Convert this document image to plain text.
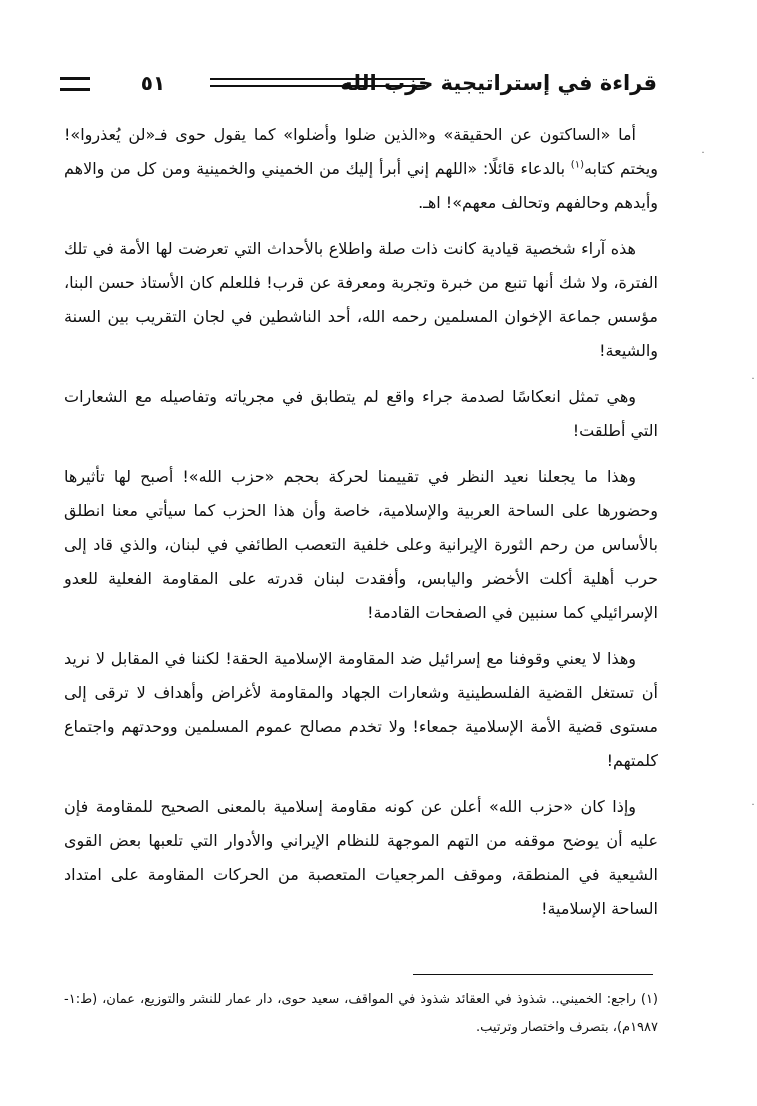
قراءة في إستراتيجية حزب الله
٥١

أما «الساكتون عن الحقيقة» و«الذين ضلوا وأضلوا» كما يقول حوى فـ«لن يُعذروا»! ويختم كتابه$^{(١)}$ بالدعاء قائلًا: «اللهم إني أبرأ إليك من الخميني والخمينية ومن كل من والاهم وأيدهم وحالفهم وتحالف معهم»! اهـ.

هذه آراء شخصية قيادية كانت ذات صلة واطلاع بالأحداث التي تعرضت لها الأمة في تلك الفترة، ولا شك أنها تنبع من خبرة وتجربة ومعرفة عن قرب! فللعلم كان الأستاذ حسن البنا، مؤسس جماعة الإخوان المسلمين رحمه الله، أحد الناشطين في لجان التقريب بين السنة والشيعة!

وهي تمثل انعكاسًا لصدمة جراء واقع لم يتطابق في مجرياته وتفاصيله مع الشعارات التي أطلقت!

وهذا ما يجعلنا نعيد النظر في تقييمنا لحركة بحجم «حزب الله»! أصبح لها تأثيرها وحضورها على الساحة العربية والإسلامية، خاصة وأن هذا الحزب كما سيأتي معنا انطلق بالأساس من رحم الثورة الإيرانية وعلى خلفية التعصب الطائفي في لبنان، والذي قاد إلى حرب أهلية أكلت الأخضر واليابس، وأفقدت لبنان قدرته على المقاومة الفعلية للعدو الإسرائيلي كما سنبين في الصفحات القادمة!

وهذا لا يعني وقوفنا مع إسرائيل ضد المقاومة الإسلامية الحقة! لكننا في المقابل لا نريد أن تستغل القضية الفلسطينية وشعارات الجهاد والمقاومة لأغراض وأهداف لا ترقى إلى مستوى قضية الأمة الإسلامية جمعاء! ولا تخدم مصالح عموم المسلمين ووحدتهم واجتماع كلمتهم!

وإذا كان «حزب الله» أعلن عن كونه مقاومة إسلامية بالمعنى الصحيح للمقاومة فإن عليه أن يوضح موقفه من التهم الموجهة للنظام الإيراني والأدوار التي تلعبها بعض القوى الشيعية في المنطقة، وموقف المرجعيات المتعصبة من الحركات المقاومة على امتداد الساحة الإسلامية!

(١) راجع: الخميني.. شذوذ في العقائد شذوذ في المواقف، سعيد حوى، دار عمار للنشر والتوزيع، عمان، (ط:١- ١٩٨٧م)، بتصرف واختصار وترتيب.
˙
˙
˙
